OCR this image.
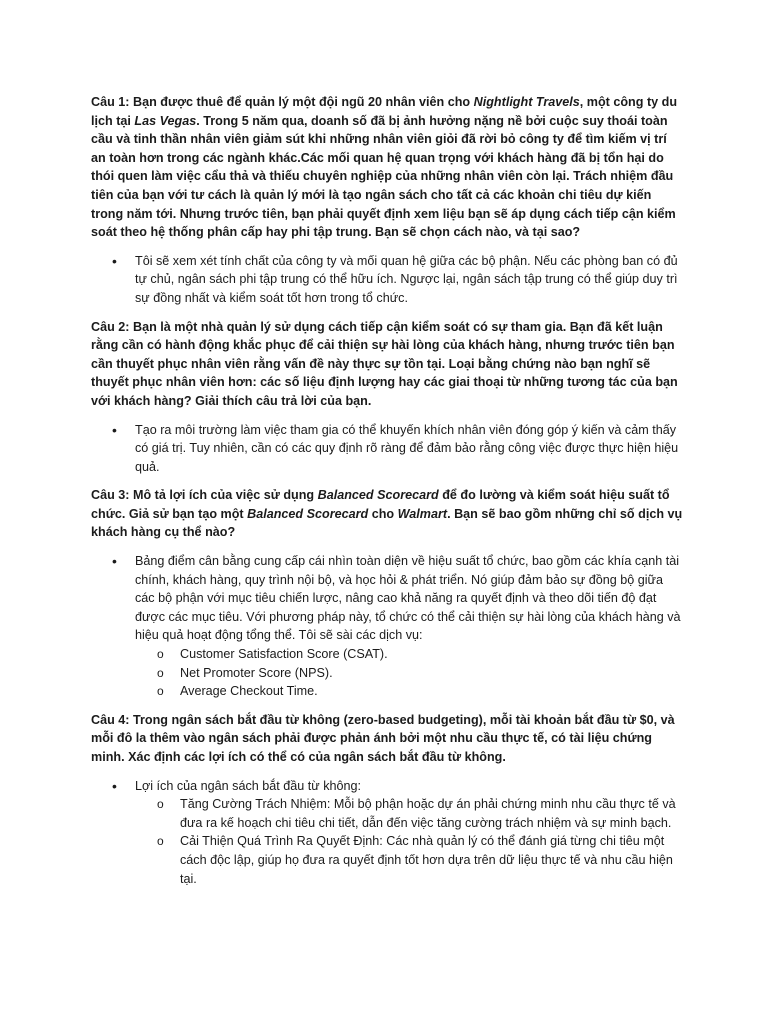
Câu 1: Bạn được thuê để quản lý một đội ngũ 20 nhân viên cho Nightlight Travels, một công ty du lịch tại Las Vegas. Trong 5 năm qua, doanh số đã bị ảnh hưởng nặng nề bởi cuộc suy thoái toàn cầu và tinh thần nhân viên giảm sút khi những nhân viên giỏi đã rời bỏ công ty để tìm kiếm vị trí an toàn hơn trong các ngành khác.Các mối quan hệ quan trọng với khách hàng đã bị tổn hại do thói quen làm việc cẩu thả và thiếu chuyên nghiệp của những nhân viên còn lại. Trách nhiệm đầu tiên của bạn với tư cách là quản lý mới là tạo ngân sách cho tất cả các khoản chi tiêu dự kiến trong năm tới. Nhưng trước tiên, bạn phải quyết định xem liệu bạn sẽ áp dụng cách tiếp cận kiểm soát theo hệ thống phân cấp hay phi tập trung. Bạn sẽ chọn cách nào, và tại sao?

• Tôi sẽ xem xét tính chất của công ty và mối quan hệ giữa các bộ phận. Nếu các phòng ban có đủ tự chủ, ngân sách phi tập trung có thể hữu ích. Ngược lại, ngân sách tập trung có thể giúp duy trì sự đồng nhất và kiểm soát tốt hơn trong tổ chức.

Câu 2: Bạn là một nhà quản lý sử dụng cách tiếp cận kiểm soát có sự tham gia. Bạn đã kết luận rằng cần có hành động khắc phục để cải thiện sự hài lòng của khách hàng, nhưng trước tiên bạn cần thuyết phục nhân viên rằng vấn đề này thực sự tồn tại. Loại bằng chứng nào bạn nghĩ sẽ thuyết phục nhân viên hơn: các số liệu định lượng hay các giai thoại từ những tương tác của bạn với khách hàng? Giải thích câu trả lời của bạn.

• Tạo ra môi trường làm việc tham gia có thể khuyến khích nhân viên đóng góp ý kiến và cảm thấy có giá trị. Tuy nhiên, cần có các quy định rõ ràng để đảm bảo rằng công việc được thực hiện hiệu quả.

Câu 3: Mô tả lợi ích của việc sử dụng Balanced Scorecard để đo lường và kiểm soát hiệu suất tổ chức. Giả sử bạn tạo một Balanced Scorecard cho Walmart. Bạn sẽ bao gồm những chỉ số dịch vụ khách hàng cụ thể nào?

• Bảng điểm cân bằng cung cấp cái nhìn toàn diện về hiệu suất tổ chức, bao gồm các khía cạnh tài chính, khách hàng, quy trình nội bộ, và học hỏi & phát triển. Nó giúp đảm bảo sự đồng bộ giữa các bộ phận với mục tiêu chiến lược, nâng cao khả năng ra quyết định và theo dõi tiến độ đạt được các mục tiêu. Với phương pháp này, tổ chức có thể cải thiện sự hài lòng của khách hàng và hiệu quả hoạt động tổng thể. Tôi sẽ sài các dịch vụ:
o Customer Satisfaction Score (CSAT).
o Net Promoter Score (NPS).
o Average Checkout Time.

Câu 4: Trong ngân sách bắt đầu từ không (zero-based budgeting), mỗi tài khoản bắt đầu từ $0, và mỗi đô la thêm vào ngân sách phải được phản ánh bởi một nhu cầu thực tế, có tài liệu chứng minh. Xác định các lợi ích có thể có của ngân sách bắt đầu từ không.

• Lợi ích của ngân sách bắt đầu từ không:
o Tăng Cường Trách Nhiệm: Mỗi bộ phận hoặc dự án phải chứng minh nhu cầu thực tế và đưa ra kế hoạch chi tiêu chi tiết, dẫn đến việc tăng cường trách nhiệm và sự minh bạch.
o Cải Thiện Quá Trình Ra Quyết Định: Các nhà quản lý có thể đánh giá từng chi tiêu một cách độc lập, giúp họ đưa ra quyết định tốt hơn dựa trên dữ liệu thực tế và nhu cầu hiện tại.
